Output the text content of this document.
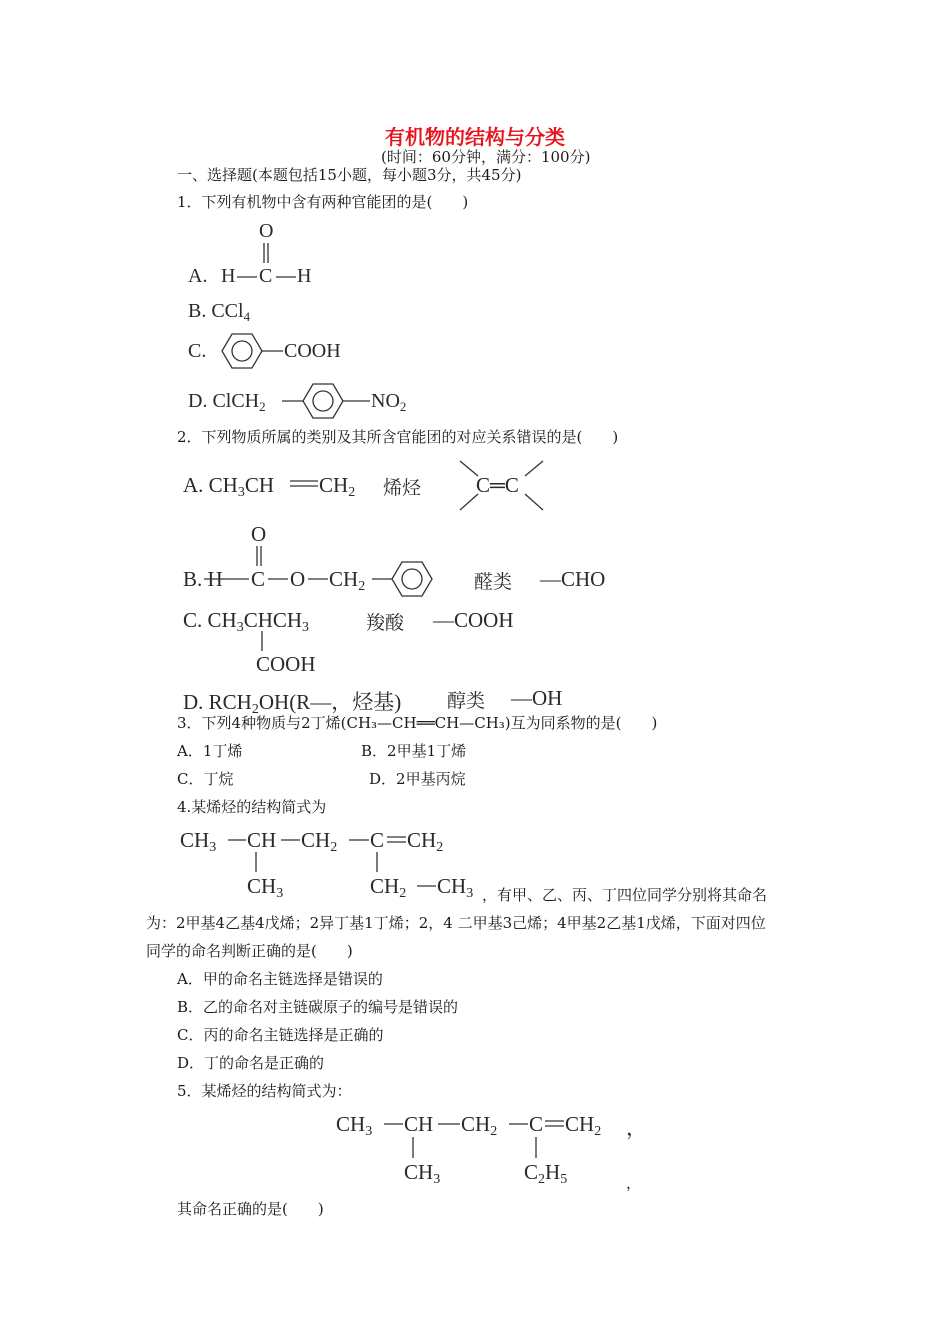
有机物的结构与分类
(时间：60分钟，满分：100分)
一、选择题(本题包括15小题，每小题3分，共45分)
1．下列有机物中含有两种官能团的是(　　)
A. H C H
O
B. CCl$_4$
C.	COOH
D. ClCH$_2$	$NO_2$
2．下列物质所属的类别及其所含官能团的对应关系错误的是(　　)
A. $CH_3CH$ $CH_2$ 烯烃	C═C
O
B. H C O $CH_2$	醛类 —CHO
C. $CH_3CHCH_3$	羧酸 —COOH
COOH
D. $RCH_2OH(R—$，烃基) 醇类 —OH
3．下列4种物质与2丁烯(CH₃—CH══CH—CH₃)互为同系物的是(　　)
A．1丁烯	B．2甲基1丁烯
C．丁烷	D．2甲基丙烷
4.某烯烃的结构简式为
$CH_3$ CH $CH_2$ C $CH_2$
$CH_3$	$CH_2$ $CH_3$ ，有甲、乙、丙、丁四位同学分别将其命名
为：2甲基4乙基4戊烯；2异丁基1丁烯；2，4 二甲基3己烯；4甲基2乙基1戊烯，下面对四位
同学的命名判断正确的是(　　)
A．甲的命名主链选择是错误的
B．乙的命名对主链碳原子的编号是错误的
C．丙的命名主链选择是正确的
D．丁的命名是正确的
5．某烯烃的结构简式为：
$CH_3$ CH $CH_2$ C $CH_2$ ，
$CH_3$	$C_2H_5$	，
其命名正确的是(　　)
